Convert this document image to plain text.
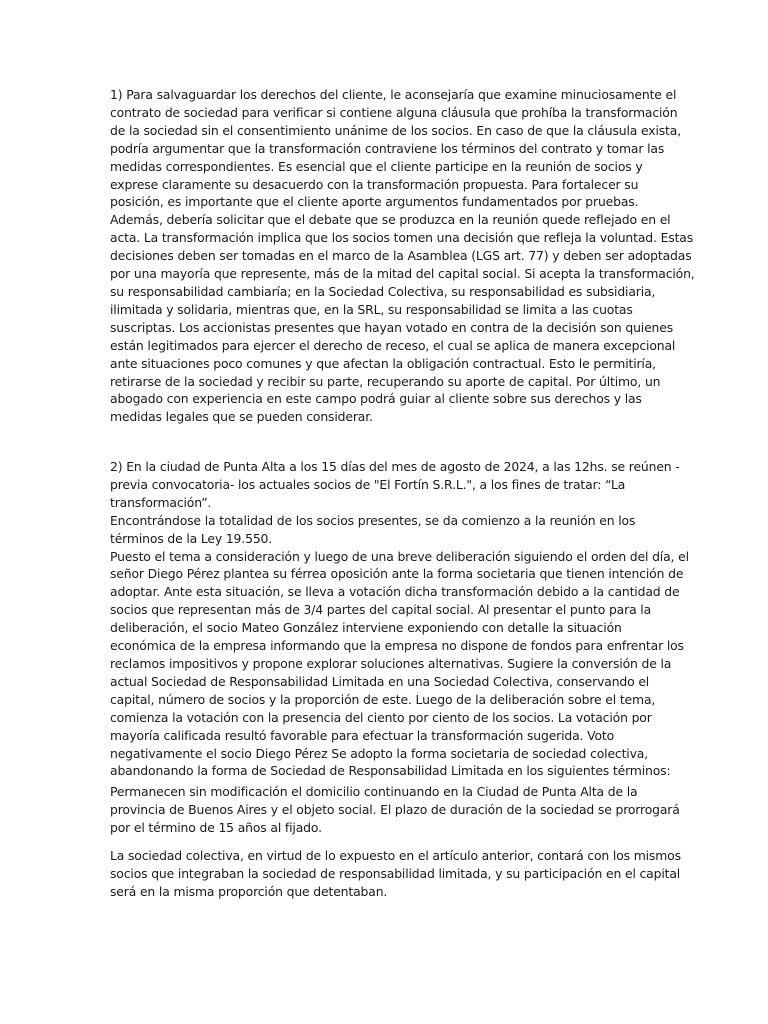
1) Para salvaguardar los derechos del cliente, le aconsejaría que examine minuciosamente el
contrato de sociedad para verificar si contiene alguna cláusula que prohíba la transformación
de la sociedad sin el consentimiento unánime de los socios. En caso de que la cláusula exista,
podría argumentar que la transformación contraviene los términos del contrato y tomar las
medidas correspondientes. Es esencial que el cliente participe en la reunión de socios y
exprese claramente su desacuerdo con la transformación propuesta. Para fortalecer su
posición, es importante que el cliente aporte argumentos fundamentados por pruebas.
Además, debería solicitar que el debate que se produzca en la reunión quede reflejado en el
acta. La transformación implica que los socios tomen una decisión que refleja la voluntad. Estas
decisiones deben ser tomadas en el marco de la Asamblea (LGS art. 77) y deben ser adoptadas
por una mayoría que represente, más de la mitad del capital social. Si acepta la transformación,
su responsabilidad cambiaría; en la Sociedad Colectiva, su responsabilidad es subsidiaria,
ilimitada y solidaria, mientras que, en la SRL, su responsabilidad se limita a las cuotas
suscriptas. Los accionistas presentes que hayan votado en contra de la decisión son quienes
están legitimados para ejercer el derecho de receso, el cual se aplica de manera excepcional
ante situaciones poco comunes y que afectan la obligación contractual. Esto le permitiría,
retirarse de la sociedad y recibir su parte, recuperando su aporte de capital. Por último, un
abogado con experiencia en este campo podrá guiar al cliente sobre sus derechos y las
medidas legales que se pueden considerar.
2) En la ciudad de Punta Alta a los 15 días del mes de agosto de 2024, a las 12hs. se reúnen -
previa convocatoria- los actuales socios de "El Fortín S.R.L.", a los fines de tratar: “La
transformación”.
Encontrándose la totalidad de los socios presentes, se da comienzo a la reunión en los
términos de la Ley 19.550.
Puesto el tema a consideración y luego de una breve deliberación siguiendo el orden del día, el
señor Diego Pérez plantea su férrea oposición ante la forma societaria que tienen intención de
adoptar. Ante esta situación, se lleva a votación dicha transformación debido a la cantidad de
socios que representan más de 3/4 partes del capital social. Al presentar el punto para la
deliberación, el socio Mateo González interviene exponiendo con detalle la situación
económica de la empresa informando que la empresa no dispone de fondos para enfrentar los
reclamos impositivos y propone explorar soluciones alternativas. Sugiere la conversión de la
actual Sociedad de Responsabilidad Limitada en una Sociedad Colectiva, conservando el
capital, número de socios y la proporción de este. Luego de la deliberación sobre el tema,
comienza la votación con la presencia del ciento por ciento de los socios. La votación por
mayoría calificada resultó favorable para efectuar la transformación sugerida. Voto
negativamente el socio Diego Pérez Se adopto la forma societaria de sociedad colectiva,
abandonando la forma de Sociedad de Responsabilidad Limitada en los siguientes términos:
Permanecen sin modificación el domicilio continuando en la Ciudad de Punta Alta de la
provincia de Buenos Aires y el objeto social. El plazo de duración de la sociedad se prorrogará
por el término de 15 años al fijado.
La sociedad colectiva, en virtud de lo expuesto en el artículo anterior, contará con los mismos
socios que integraban la sociedad de responsabilidad limitada, y su participación en el capital
será en la misma proporción que detentaban.
